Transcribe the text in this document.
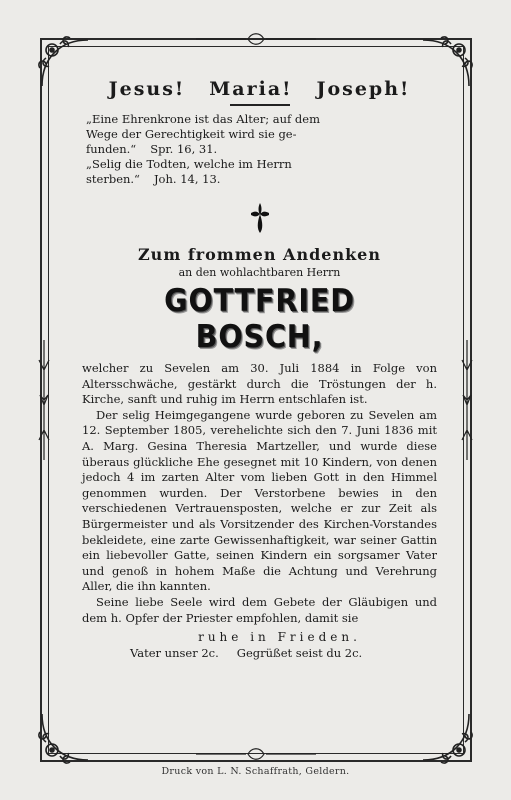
Jesus! Maria! Joseph!
„Eine Ehrenkrone ist das Alter; auf dem
Wege der Gerechtigkeit wird sie ge-
funden.“ Spr. 16, 31.
„Selig die Todten, welche im Herrn
sterben.“ Joh. 14, 13.
Zum frommen Andenken
an den wohlachtbaren Herrn
GOTTFRIED BOSCH,

welcher zu Sevelen am 30. Juli 1884 in Folge von Altersschwäche, gestärkt durch die Tröstungen der h. Kirche, sanft und ruhig im Herrn entschlafen ist.

Der selig Heimgegangene wurde geboren zu Sevelen am 12. September 1805, verehelichte sich den 7. Juni 1836 mit A. Marg. Gesina Theresia Martzeller, und wurde diese überaus glückliche Ehe gesegnet mit 10 Kindern, von denen jedoch 4 im zarten Alter vom lieben Gott in den Himmel genommen wurden. Der Verstorbene bewies in den verschiedenen Vertrauensposten, welche er zur Zeit als Bürgermeister und als Vorsitzender des Kirchen-Vorstandes bekleidete, eine zarte Gewissenhaftigkeit, war seiner Gattin ein liebevoller Gatte, seinen Kindern ein sorgsamer Vater und genoß in hohem Maße die Achtung und Verehrung Aller, die ihn kannten.

Seine liebe Seele wird dem Gebete der Gläubigen und dem h. Opfer der Priester empfohlen, damit sie

ruhe in Frieden.
Vater unser 2c. Gegrüßet seist du 2c.
Druck von L. N. Schaffrath, Geldern.
